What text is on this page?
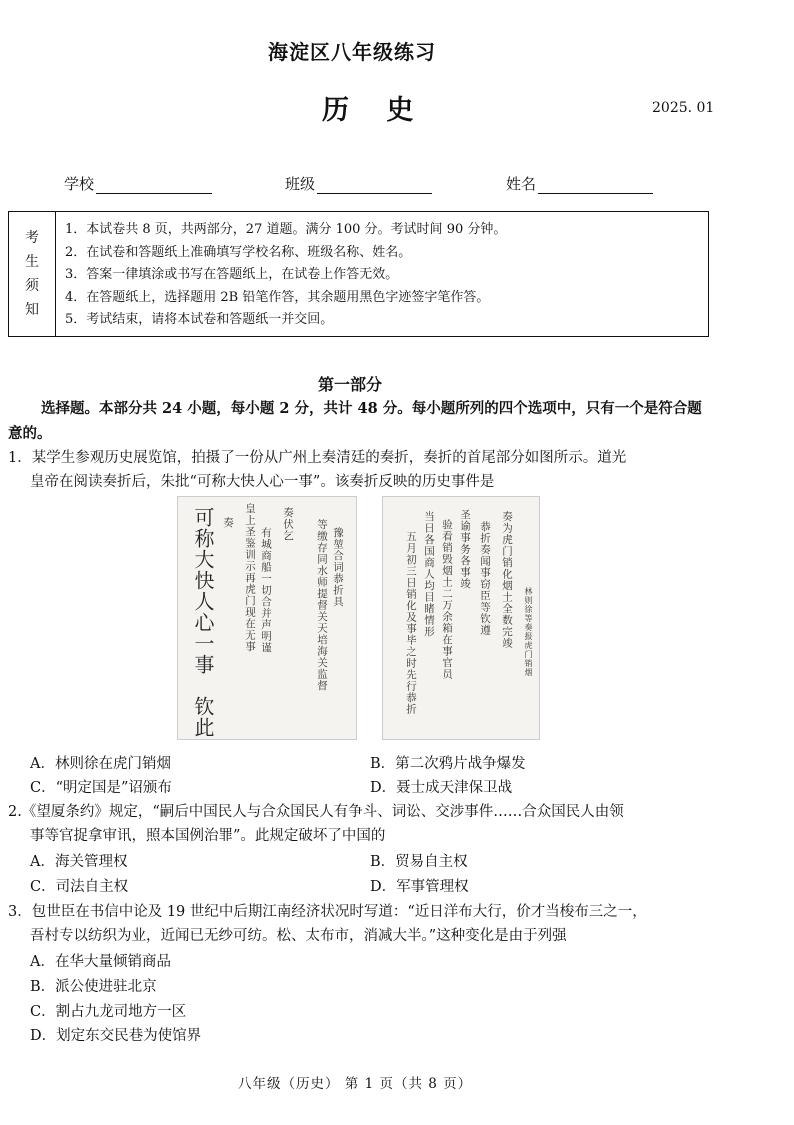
海淀区八年级练习
历 史	2025. 01
学校	班级	姓名
考
生
须
知
1．本试卷共 8 页，共两部分，27 道题。满分 100 分。考试时间 90 分钟。
2．在试卷和答题纸上准确填写学校名称、班级名称、姓名。
3．答案一律填涂或书写在答题纸上，在试卷上作答无效。
4．在答题纸上，选择题用 2B 铅笔作答，其余题用黑色字迹签字笔作答。
5．考试结束，请将本试卷和答题纸一并交回。
第一部分
选择题。本部分共 24 小题，每小题 2 分，共计 48 分。每小题所列的四个选项中，只有一个是符合题意的。
1．某学生参观历史展览馆，拍摄了一份从广州上奏清廷的奏折，奏折的首尾部分如图所示。道光
皇帝在阅读奏折后，朱批“可称大快人心一事”。该奏折反映的历史事件是
可称大快人心一事　钦此 奏 皇上圣鉴训示再虎门现在无事 有城商船一切合并声明谨
奏伏乞 等缴存同水师提督关天培海关监督 豫堃合词恭折具	五月初三日销化及事毕之时先行恭折 当日各国商人均目睹情形 验看销毁烟土二万余箱在事官员 圣谕事务各事竣 恭折奏闻事窃臣等钦遵 奏为虎门销化烟土全数完竣 林则徐等奏报虎门销烟
A．林则徐在虎门销烟	B．第二次鸦片战争爆发
C．“明定国是”诏颁布	D．聂士成天津保卫战
2.《望厦条约》规定，“嗣后中国民人与合众国民人有争斗、词讼、交涉事件……合众国民人由领
事等官捉拿审讯，照本国例治罪”。此规定破坏了中国的
A．海关管理权	B．贸易自主权
C．司法自主权	D．军事管理权
3．包世臣在书信中论及 19 世纪中后期江南经济状况时写道：“近日洋布大行，价才当梭布三之一，
吾村专以纺织为业，近闻已无纱可纺。松、太布市，消减大半。”这种变化是由于列强
A．在华大量倾销商品
B．派公使进驻北京
C．割占九龙司地方一区
D．划定东交民巷为使馆界
八年级（历史） 第 1 页（共 8 页）
